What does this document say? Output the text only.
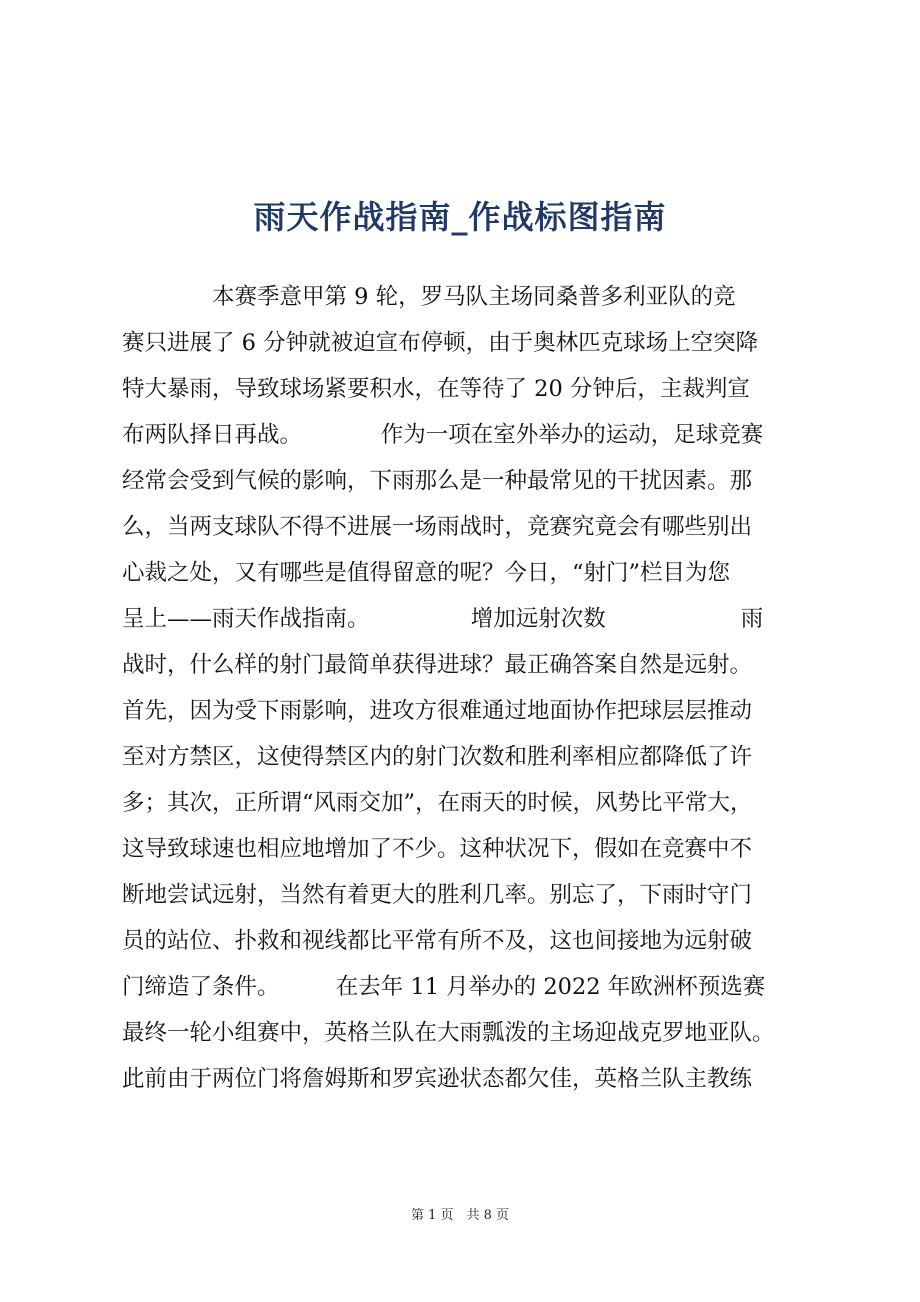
雨天作战指南_作战标图指南
　　　　本赛季意甲第 9 轮，罗马队主场同桑普多利亚队的竞
赛只进展了 6 分钟就被迫宣布停顿，由于奥林匹克球场上空突降
特大暴雨，导致球场紧要积水，在等待了 20 分钟后，主裁判宣
布两队择日再战。　　　　作为一项在室外举办的运动，足球竞赛
经常会受到气候的影响，下雨那么是一种最常见的干扰因素。那
么，当两支球队不得不进展一场雨战时，竞赛究竟会有哪些别出
心裁之处，又有哪些是值得留意的呢？今日，“射门”栏目为您
呈上——雨天作战指南。　　　　　增加远射次数　　　　　　雨
战时，什么样的射门最简单获得进球？最正确答案自然是远射。
首先，因为受下雨影响，进攻方很难通过地面协作把球层层推动
至对方禁区，这使得禁区内的射门次数和胜利率相应都降低了许
多；其次，正所谓“风雨交加”，在雨天的时候，风势比平常大，
这导致球速也相应地增加了不少。这种状况下，假如在竞赛中不
断地尝试远射，当然有着更大的胜利几率。别忘了，下雨时守门
员的站位、扑救和视线都比平常有所不及，这也间接地为远射破
门缔造了条件。　　　在去年 11 月举办的 2022 年欧洲杯预选赛
最终一轮小组赛中，英格兰队在大雨瓢泼的主场迎战克罗地亚队。
此前由于两位门将詹姆斯和罗宾逊状态都欠佳，英格兰队主教练
第 1 页　 共 8 页
